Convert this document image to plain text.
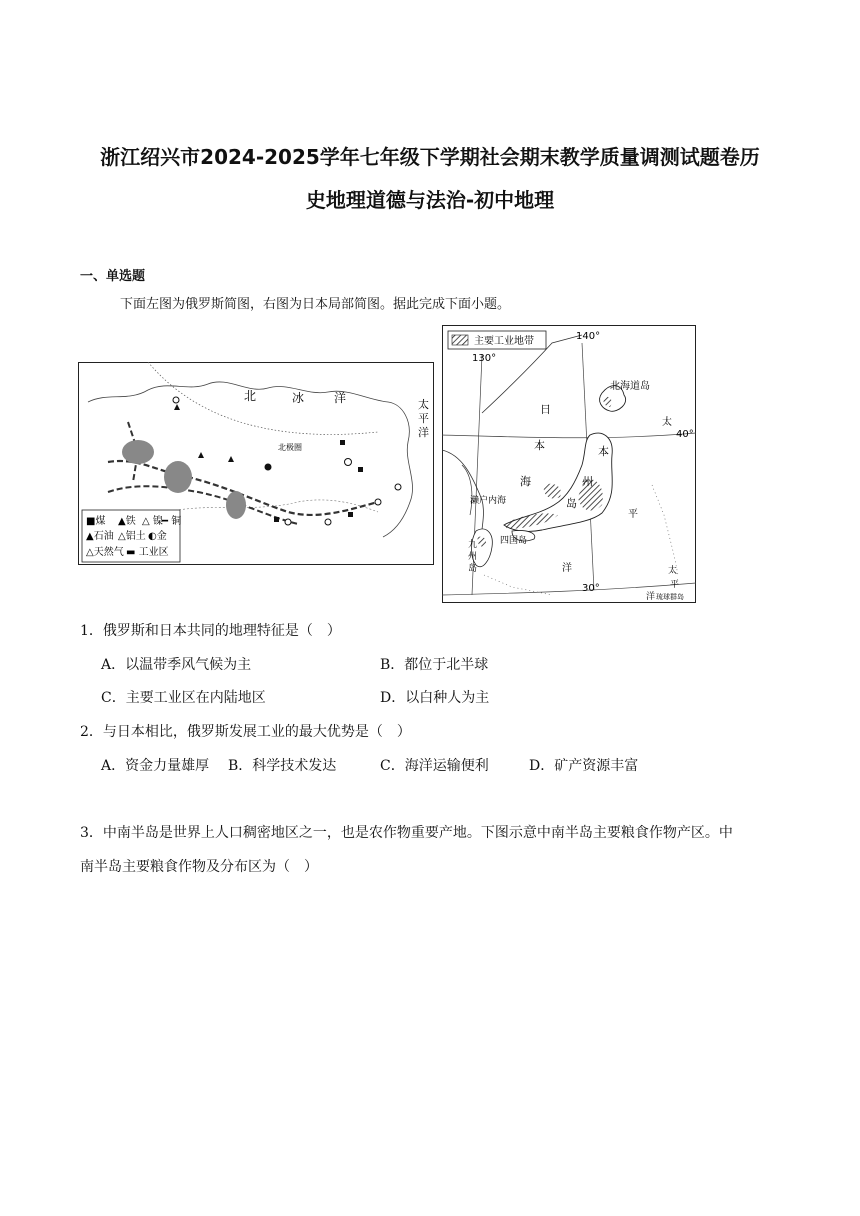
浙江绍兴市2024-2025学年七年级下学期社会期末教学质量调测试题卷历
史地理道德与法治-初中地理
一、单选题
下面左图为俄罗斯简图，右图为日本局部简图。据此完成下面小题。
北	冰 洋	太
平
洋
北极圈
■煤 ▲铁 △ 镍 ━ 铜
▲石油 △铝土 ◐金
△天然气 ▬ 工业区
主要工业地带	140°
130°
40°
30°
北海道岛
日
本
海
本
州
岛
濑户内海
四国岛
九
州
岛
太
平
洋	太
平
洋 琉球群岛
1．俄罗斯和日本共同的地理特征是（　）
A．以温带季风气候为主	B．都位于北半球
C．主要工业区在内陆地区	D．以白种人为主
2．与日本相比，俄罗斯发展工业的最大优势是（　）
A．资金力量雄厚 B．科学技术发达	C．海洋运输便利	D．矿产资源丰富
3．中南半岛是世界上人口稠密地区之一，也是农作物重要产地。下图示意中南半岛主要粮食作物产区。中
南半岛主要粮食作物及分布区为（　）
